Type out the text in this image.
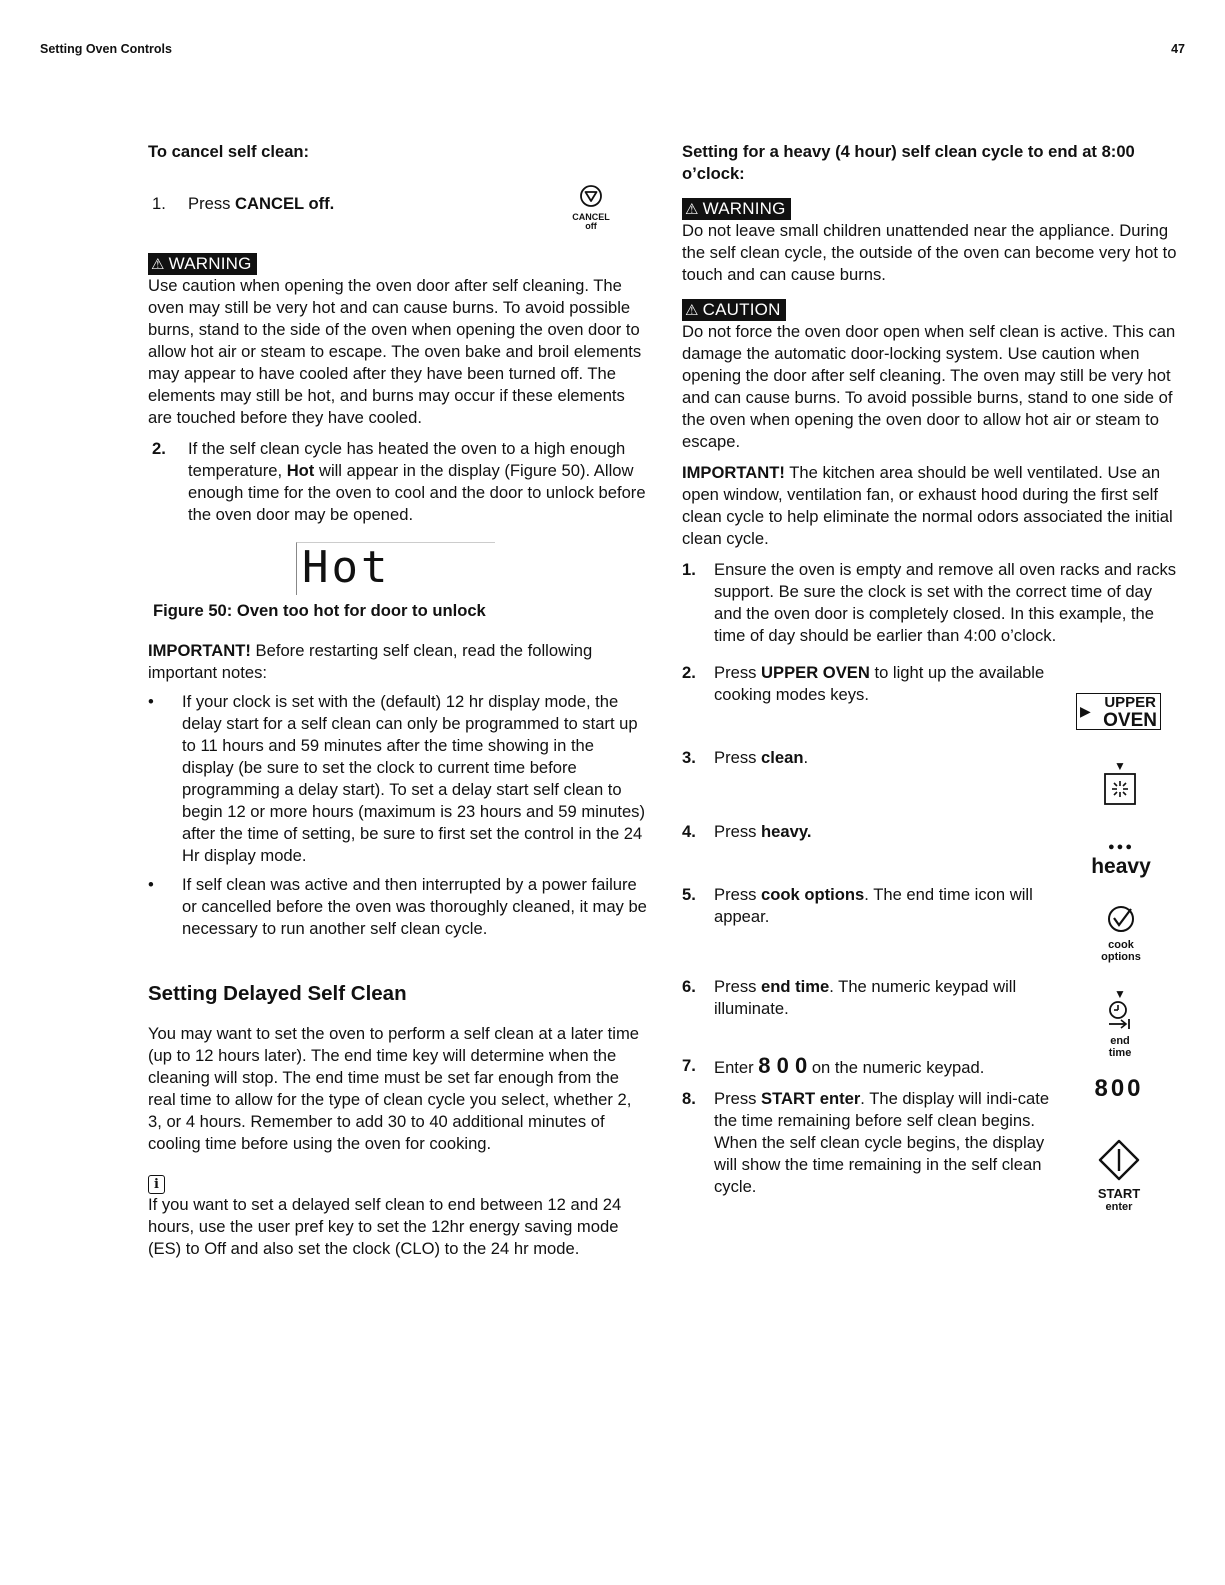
Setting Oven Controls	47

To cancel self clean:

1. Press CANCEL off.

⚠ WARNING

Use caution when opening the oven door after self cleaning. The oven may still be very hot and can cause burns. To avoid possible burns, stand to the side of the oven when opening the oven door to allow hot air or steam to escape. The oven bake and broil elements may appear to have cooled after they have been turned off. The elements may still be hot, and burns may occur if these elements are touched before they have cooled.

2. If the self clean cycle has heated the oven to a high enough temperature, Hot will appear in the display (Figure 50). Allow enough time for the oven to cool and the door to unlock before the oven door may be opened.

Hot

Figure 50: Oven too hot for door to unlock

IMPORTANT! Before restarting self clean, read the following important notes:

• If your clock is set with the (default) 12 hr display mode, the delay start for a self clean can only be programmed to start up to 11 hours and 59 minutes after the time showing in the display (be sure to set the clock to current time before programming a delay start). To set a delay start self clean to begin 12 or more hours (maximum is 23 hours and 59 minutes) after the time of setting, be sure to first set the control in the 24 Hr display mode.
• If self clean was active and then interrupted by a power failure or cancelled before the oven was thoroughly cleaned, it may be necessary to run another self clean cycle.

Setting Delayed Self Clean

You may want to set the oven to perform a self clean at a later time (up to 12 hours later). The end time key will determine when the cleaning will stop. The end time must be set far enough from the real time to allow for the type of clean cycle you select, whether 2, 3, or 4 hours. Remember to add 30 to 40 additional minutes of cooling time before using the oven for cooking.

i

If you want to set a delayed self clean to end between 12 and 24 hours, use the user pref key to set the 12hr energy saving mode (ES) to Off and also set the clock (CLO) to the 24 hr mode.

CANCEL
off

Setting for a heavy (4 hour) self clean cycle to end at 8:00 o’clock:

⚠ WARNING

Do not leave small children unattended near the appliance. During the self clean cycle, the outside of the oven can become very hot to touch and can cause burns.

⚠ CAUTION

Do not force the oven door open when self clean is active. This can damage the automatic door-locking system. Use caution when opening the door after self cleaning. The oven may still be very hot and can cause burns. To avoid possible burns, stand to one side of the oven when opening the oven door to allow hot air or steam to escape.

IMPORTANT! The kitchen area should be well ventilated. Use an open window, ventilation fan, or exhaust hood during the first self clean cycle to help eliminate the normal odors associated the initial clean cycle.

1. Ensure the oven is empty and remove all oven racks and racks support. Be sure the clock is set with the correct time of day and the oven door is completely closed. In this example, the time of day should be earlier than 4:00 o’clock.
2. Press UPPER OVEN to light up the available cooking modes keys.
3. Press clean.
4. Press heavy.
5. Press cook options. The end time icon will appear.
6. Press end time. The numeric keypad will illuminate.
7. Enter 8 0 0 on the numeric keypad.
8. Press START enter. The display will indi-cate the time remaining before self clean begins. When the self clean cycle begins, the display will show the time remaining in the self clean cycle.
▶ UPPER
OVEN
▼
●●●
heavy
cook
options
▼
end
time
800
START
enter
